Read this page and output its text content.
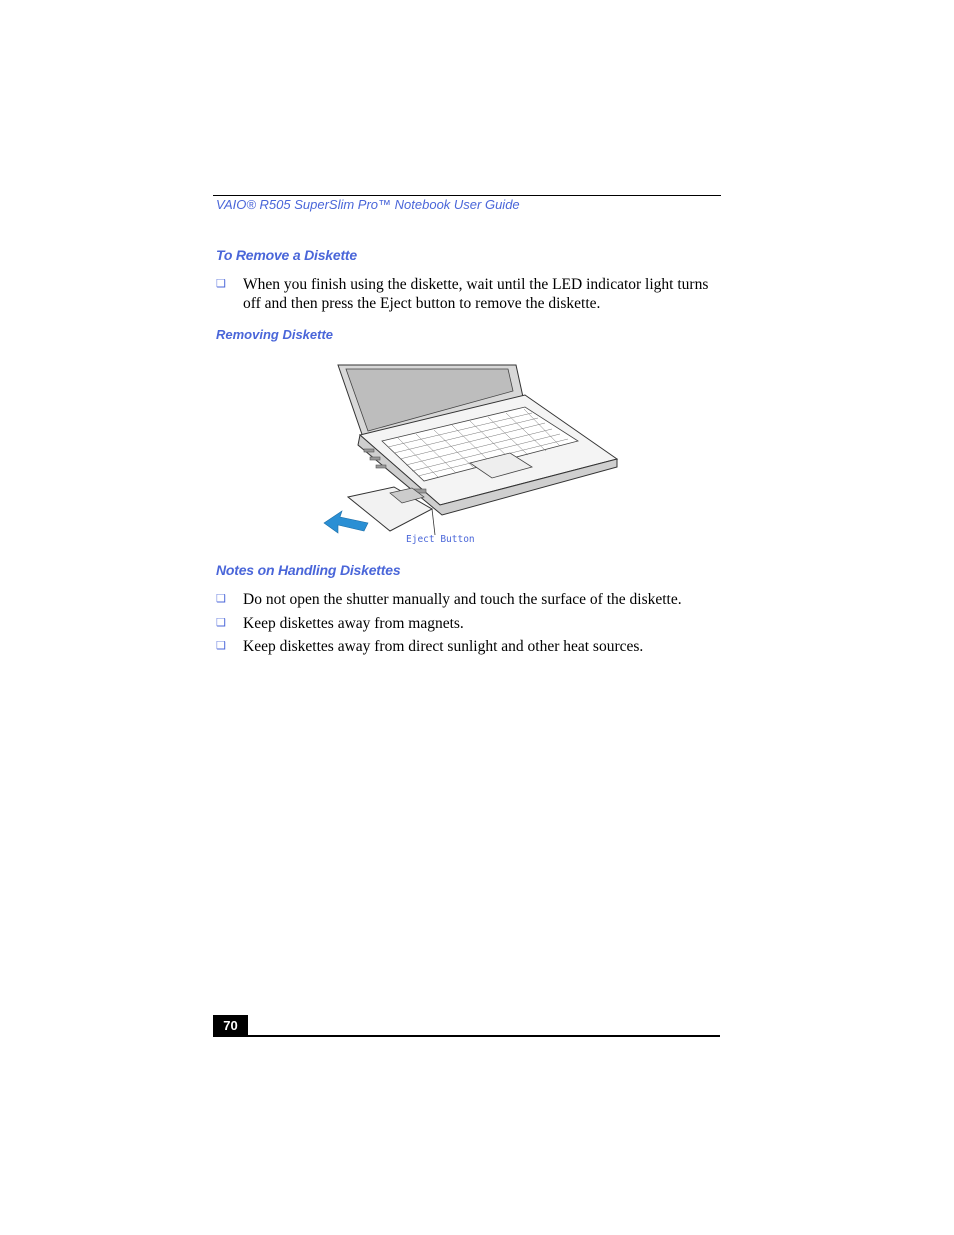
VAIO® R505 SuperSlim Pro™ Notebook User Guide
To Remove a Diskette
❑ When you finish using the diskette, wait until the LED indicator light turns off and then press the Eject button to remove the diskette.
Removing Diskette
Eject Button
Notes on Handling Diskettes
❑ Do not open the shutter manually and touch the surface of the diskette.
❑ Keep diskettes away from magnets.
❑ Keep diskettes away from direct sunlight and other heat sources.
70
